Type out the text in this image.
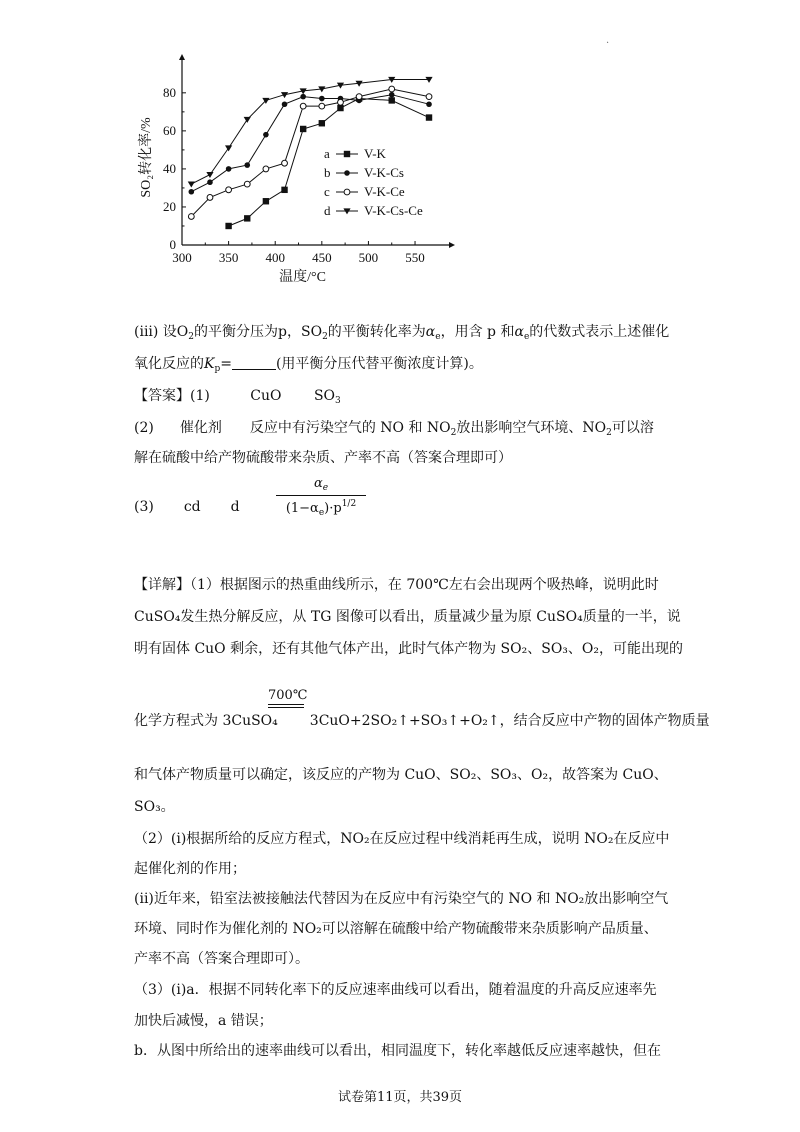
·
300 350 400 450 500 550
0
20
40
60
80
温度/°C
SO₂转化率/%	a	V-K
b	V-K-Cs
c	V-K-Ce
d	V-K-Cs-Ce
(iii) 设$O_2$的平衡分压为p，$SO_2$的平衡转化率为$\alpha_e$，用含 p 和$\alpha_e$的代数式表示上述催化
氧化反应的$K_p=$	(用平衡分压代替平衡浓度计算)。
【答案】(1)	CuO $SO_3$
(2) 催化剂 反应中有污染空气的 NO 和 $NO_2$放出影响空气环境、$NO_2$可以溶
解在硫酸中给产物硫酸带来杂质、产率不高（答案合理即可）
(3) cd d
$\alpha_e$
$(1-\alpha_e)\cdot p^{1/2}$
【详解】（1）根据图示的热重曲线所示，在 700℃左右会出现两个吸热峰，说明此时
CuSO₄发生热分解反应，从 TG 图像可以看出，质量减少量为原 CuSO₄质量的一半，说
明有固体 CuO 剩余，还有其他气体产出，此时气体产物为 SO₂、SO₃、O₂，可能出现的
700℃
化学方程式为 3CuSO₄ 3CuO+2SO₂↑+SO₃↑+O₂↑，结合反应中产物的固体产物质量
和气体产物质量可以确定，该反应的产物为 CuO、SO₂、SO₃、O₂，故答案为 CuO、
SO₃。
（2）(i)根据所给的反应方程式，NO₂在反应过程中线消耗再生成，说明 NO₂在反应中
起催化剂的作用；
(ii)近年来，铅室法被接触法代替因为在反应中有污染空气的 NO 和 NO₂放出影响空气
环境、同时作为催化剂的 NO₂可以溶解在硫酸中给产物硫酸带来杂质影响产品质量、
产率不高（答案合理即可）。
（3）(i)a．根据不同转化率下的反应速率曲线可以看出，随着温度的升高反应速率先
加快后减慢，a 错误；
b．从图中所给出的速率曲线可以看出，相同温度下，转化率越低反应速率越快，但在
试卷第11页，共39页
